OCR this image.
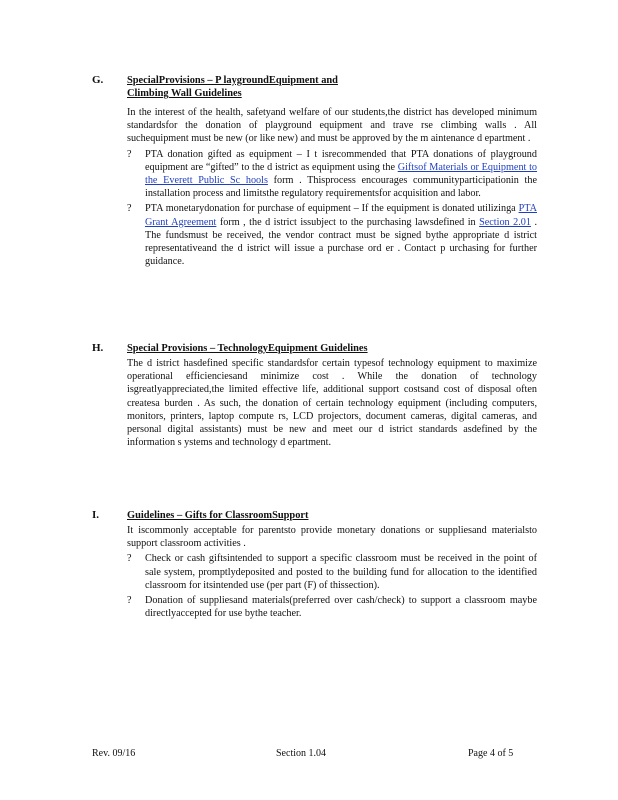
G. SpecialProvisions – P laygroundEquipment and
Climbing Wall Guidelines

In the interest of the health, safetyand welfare of our students,the district has developed minimum standardsfor the donation of playground equipment and trave rse climbing walls . All suchequipment must be new (or like new) and must be approved by the m aintenance d epartment .

? PTA donation gifted as equipment – I t isrecommended that PTA donations of playground equipment are “gifted” to the d istrict as equipment using the Giftsof Materials or Equipment to the Everett Public Sc hools form . Thisprocess encourages communityparticipationin the installation process and limitsthe regulatory requirementsfor acquisition and labor.
? PTA monetarydonation for purchase of equipment – If the equipment is donated utilizinga PTA Grant Agreement form , the d istrict issubject to the purchasing lawsdefined in Section 2.01 . The fundsmust be received, the vendor contract must be signed bythe appropriate d istrict representativeand the d istrict will issue a purchase ord er . Contact p urchasing for further guidance.
H. Special Provisions – TechnologyEquipment Guidelines

The d istrict hasdefined specific standardsfor certain typesof technology equipment to maximize operational efficienciesand minimize cost . While the donation of technology isgreatlyappreciated,the limited effective life, additional support costsand cost of disposal often createsa burden . As such, the donation of certain technology equipment (including computers, monitors, printers, laptop compute rs, LCD projectors, document cameras, digital cameras, and personal digital assistants) must be new and meet our d istrict standards asdefined by the information s ystems and technology d epartment.

I.	Guidelines – Gifts for ClassroomSupport

It iscommonly acceptable for parentsto provide monetary donations or suppliesand materialsto support classroom activities .

? Check or cash giftsintended to support a specific classroom must be received in the point of sale system, promptlydeposited and posted to the building fund for allocation to the identified classroom for itsintended use (per part (F) of thissection).
? Donation of suppliesand materials(preferred over cash/check) to support a classroom maybe directlyaccepted for use bythe teacher.
Rev. 09/16	Section 1.04	Page 4 of 5
